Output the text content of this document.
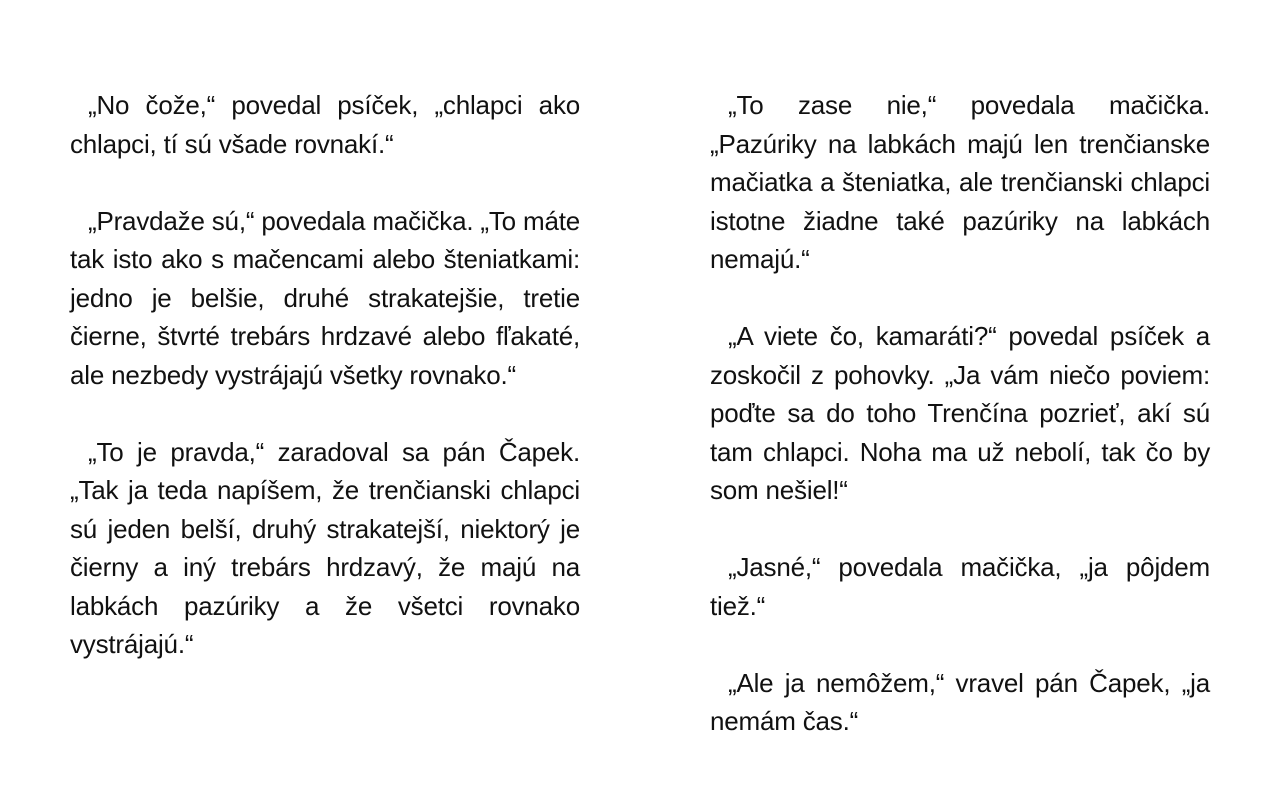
„No čože,“ povedal psíček, „chlapci ako chlapci, tí sú všade rovnakí.“

„Pravdaže sú,“ povedala mačička. „To máte tak isto ako s mačencami alebo šteniatkami: jedno je belšie, druhé strakatejšie, tretie čierne, štvrté trebárs hrdzavé alebo fľakaté, ale nezbedy vystrájajú všetky rovnako.“

„To je pravda,“ zaradoval sa pán Čapek. „Tak ja teda napíšem, že trenčianski chlapci sú jeden belší, druhý strakatejší, niektorý je čierny a iný trebárs hrdzavý, že majú na labkách pazúriky a že všetci rovnako vystrájajú.“

„To zase nie,“ povedala mačička. „Pazúriky na labkách majú len trenčianske mačiatka a šteniatka, ale trenčianski chlapci istotne žiadne také pazúriky na labkách nemajú.“

„A viete čo, kamaráti?“ povedal psíček a zoskočil z pohovky. „Ja vám niečo poviem: poďte sa do toho Trenčína pozrieť, akí sú tam chlapci. Noha ma už nebolí, tak čo by som nešiel!“

„Jasné,“ povedala mačička, „ja pôjdem tiež.“

„Ale ja nemôžem,“ vravel pán Čapek, „ja nemám čas.“
